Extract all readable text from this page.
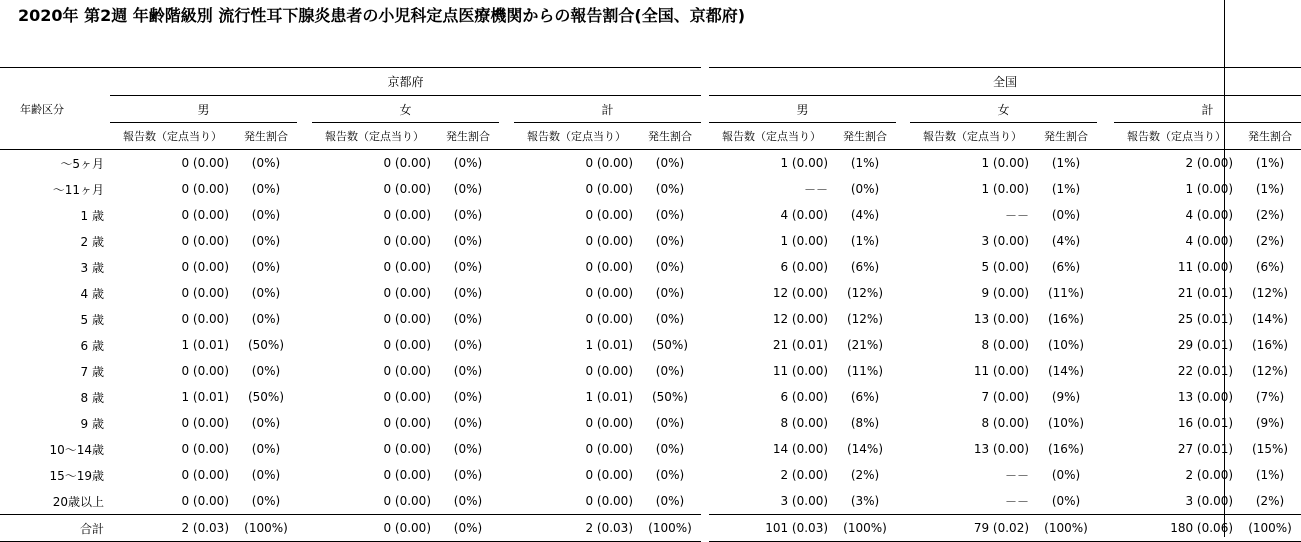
2020年 第2週 年齢階級別 流行性耳下腺炎患者の小児科定点医療機関からの報告割合(全国、京都府)
年齢区分	京都府									全国							
	男			女			計			男			女			計	
	報告数（定点当り）	発生割合		報告数（定点当り）	発生割合		報告数（定点当り）	発生割合		報告数（定点当り）	発生割合		報告数（定点当り）	発生割合		報告数（定点当り）	発生割合
～5ヶ月	0 (0.00)	(0%)		0 (0.00)	(0%)		0 (0.00)	(0%)		1 (0.00)	(1%)		1 (0.00)	(1%)		2 (0.00)	(1%)
～11ヶ月	0 (0.00)	(0%)		0 (0.00)	(0%)		0 (0.00)	(0%)		－－	(0%)		1 (0.00)	(1%)		1 (0.00)	(1%)
1 歳	0 (0.00)	(0%)		0 (0.00)	(0%)		0 (0.00)	(0%)		4 (0.00)	(4%)		－－	(0%)		4 (0.00)	(2%)
2 歳	0 (0.00)	(0%)		0 (0.00)	(0%)		0 (0.00)	(0%)		1 (0.00)	(1%)		3 (0.00)	(4%)		4 (0.00)	(2%)
3 歳	0 (0.00)	(0%)		0 (0.00)	(0%)		0 (0.00)	(0%)		6 (0.00)	(6%)		5 (0.00)	(6%)		11 (0.00)	(6%)
4 歳	0 (0.00)	(0%)		0 (0.00)	(0%)		0 (0.00)	(0%)		12 (0.00)	(12%)		9 (0.00)	(11%)		21 (0.01)	(12%)
5 歳	0 (0.00)	(0%)		0 (0.00)	(0%)		0 (0.00)	(0%)		12 (0.00)	(12%)		13 (0.00)	(16%)		25 (0.01)	(14%)
6 歳	1 (0.01)	(50%)		0 (0.00)	(0%)		1 (0.01)	(50%)		21 (0.01)	(21%)		8 (0.00)	(10%)		29 (0.01)	(16%)
7 歳	0 (0.00)	(0%)		0 (0.00)	(0%)		0 (0.00)	(0%)		11 (0.00)	(11%)		11 (0.00)	(14%)		22 (0.01)	(12%)
8 歳	1 (0.01)	(50%)		0 (0.00)	(0%)		1 (0.01)	(50%)		6 (0.00)	(6%)		7 (0.00)	(9%)		13 (0.00)	(7%)
9 歳	0 (0.00)	(0%)		0 (0.00)	(0%)		0 (0.00)	(0%)		8 (0.00)	(8%)		8 (0.00)	(10%)		16 (0.01)	(9%)
10～14歳	0 (0.00)	(0%)		0 (0.00)	(0%)		0 (0.00)	(0%)		14 (0.00)	(14%)		13 (0.00)	(16%)		27 (0.01)	(15%)
15～19歳	0 (0.00)	(0%)		0 (0.00)	(0%)		0 (0.00)	(0%)		2 (0.00)	(2%)		－－	(0%)		2 (0.00)	(1%)
20歳以上	0 (0.00)	(0%)		0 (0.00)	(0%)		0 (0.00)	(0%)		3 (0.00)	(3%)		－－	(0%)		3 (0.00)	(2%)
合計	2 (0.03)	(100%)		0 (0.00)	(0%)		2 (0.03)	(100%)		101 (0.03)	(100%)		79 (0.02)	(100%)		180 (0.06)	(100%)
